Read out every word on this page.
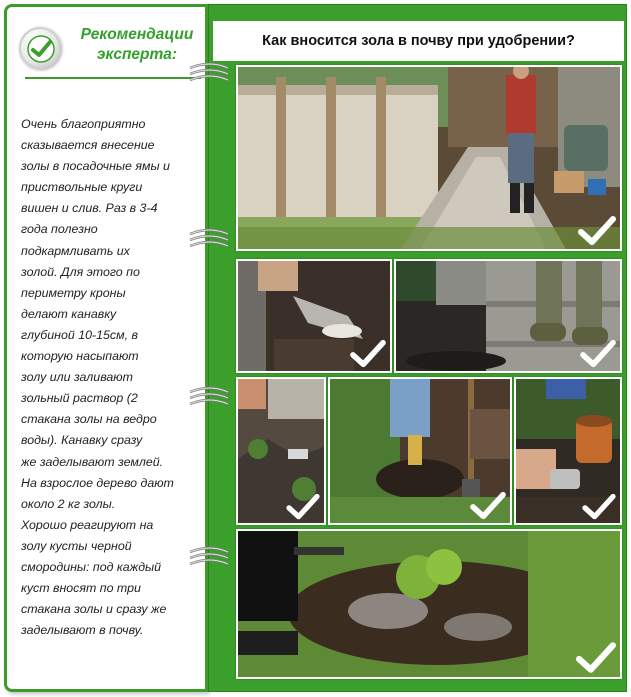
Рекомендации
эксперта:
Очень благоприятно
сказывается внесение
золы в посадочные ямы и
приствольные круги
вишен и слив. Раз в 3-4
года полезно
подкармливать их
золой. Для этого по
периметру кроны
делают канавку
глубиной 10-15см, в
которую насыпают
золу или заливают
зольный раствор (2
стакана золы на ведро
воды). Канавку сразу
же заделывают землей.
На взрослое дерево дают
около 2 кг золы.
Хорошо реагируют на
золу кусты черной
смородины: под каждый
куст вносят по три
стакана золы и сразу же
заделывают в почву.
Как вносится зола в почву при удобрении?
